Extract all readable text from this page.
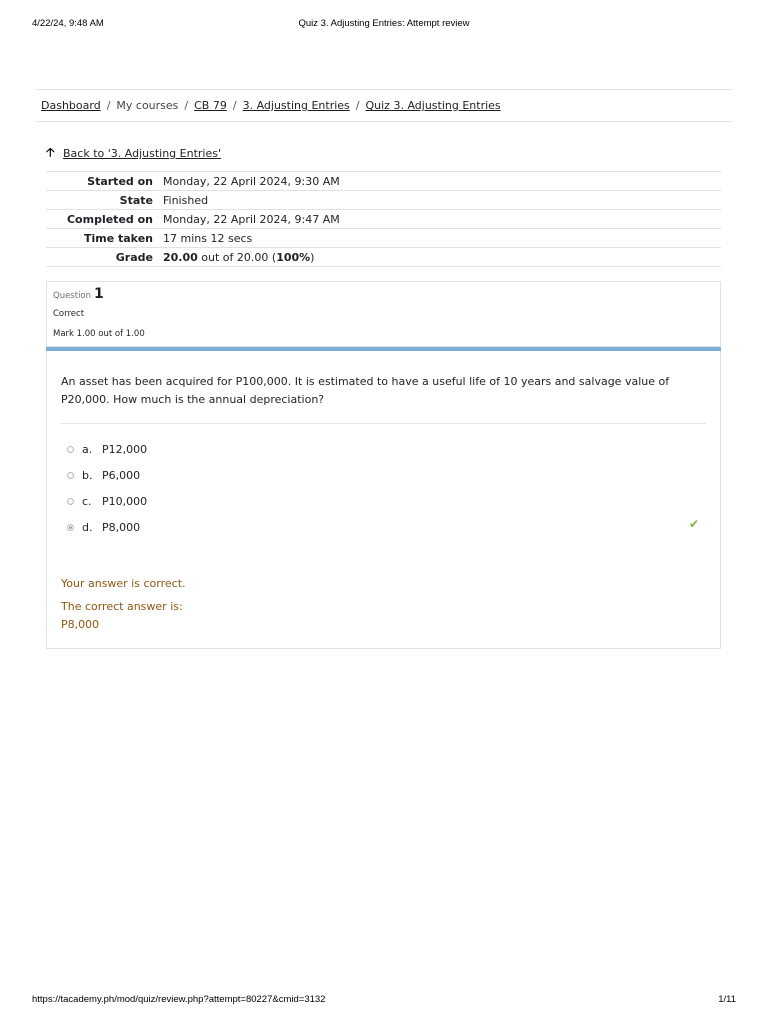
4/22/24, 9:48 AM	Quiz 3. Adjusting Entries: Attempt review
Dashboard / My courses / CB 79 / 3. Adjusting Entries / Quiz 3. Adjusting Entries
🡡 Back to '3. Adjusting Entries'
Started on	Monday, 22 April 2024, 9:30 AM
State	Finished
Completed on	Monday, 22 April 2024, 9:47 AM
Time taken	17 mins 12 secs
Grade	20.00 out of 20.00 (100%)
Question 1
Correct
Mark 1.00 out of 1.00
An asset has been acquired for P100,000. It is estimated to have a useful life of 10 years and salvage value of P20,000. How much is the annual depreciation?
a. P12,000
b. P6,000
c. P10,000
d. P8,000	✔
Your answer is correct.
The correct answer is:
P8,000
https://tacademy.ph/mod/quiz/review.php?attempt=80227&cmid=3132	1/11
